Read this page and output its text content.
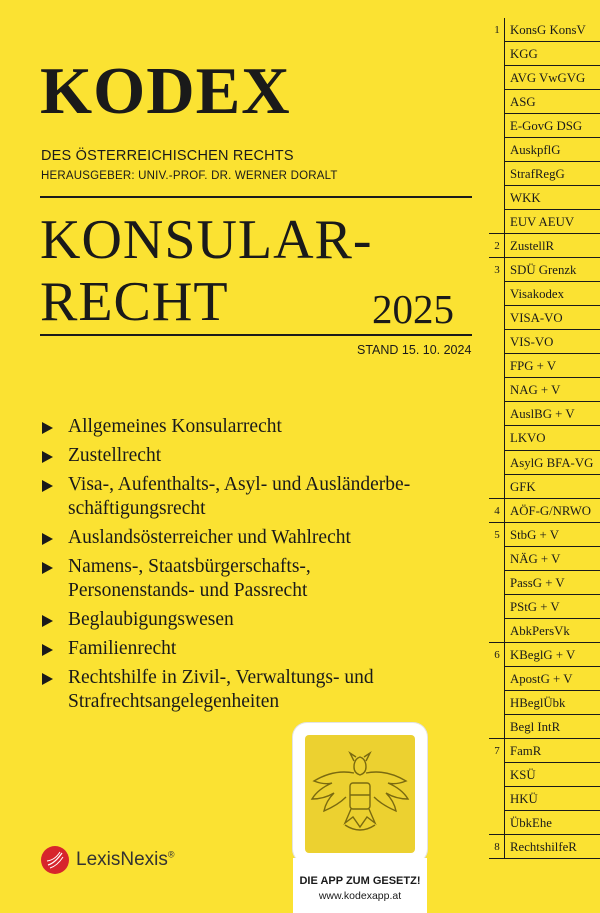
KODEX
DES ÖSTERREICHISCHEN RECHTS
HERAUSGEBER: UNIV.-PROF. DR. WERNER DORALT
KONSULAR-
RECHT	2025
STAND 15. 10. 2024
Allgemeines Konsularrecht
Zustellrecht
Visa-, Aufenthalts-, Asyl- und Ausländerbe-
schäftigungsrecht
Auslandsösterreicher und Wahlrecht
Namens-, Staatsbürgerschafts-,
Personenstands- und Passrecht
Beglaubigungswesen
Familienrecht
Rechtshilfe in Zivil-, Verwaltungs- und
Strafrechtsangelegenheiten
1 KonsG KonsV
KGG
AVG VwGVG
ASG
E-GovG DSG
AuskpflG
StrafRegG
WKK
EUV AEUV
2 ZustellR
3 SDÜ Grenzk
Visakodex
VISA-VO
VIS-VO
FPG + V
NAG + V
AuslBG + V
LKVO
AsylG BFA-VG
GFK
4 AÖF-G/NRWO
5 StbG + V
NÄG + V
PassG + V
PStG + V
AbkPersVk
6 KBeglG + V
ApostG + V
HBeglÜbk
Begl IntR
7 FamR
KSÜ
HKÜ
ÜbkEhe
8 RechtshilfeR
DIE APP ZUM GESETZ!
www.kodexapp.at
LexisNexis®
